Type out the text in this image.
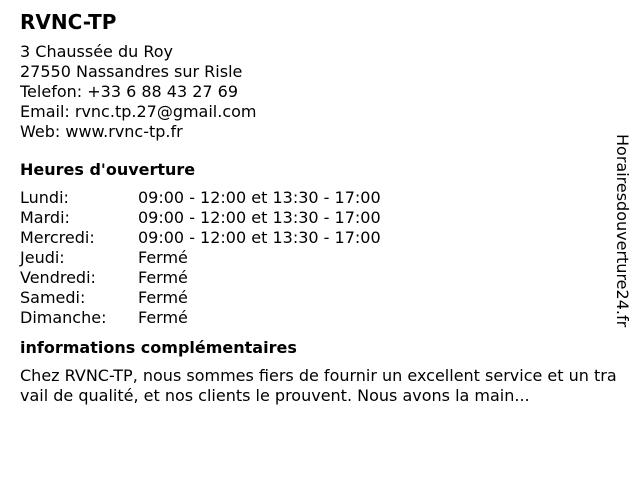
RVNC-TP
3 Chaussée du Roy
27550 Nassandres sur Risle
Telefon: +33 6 88 43 27 69
Email: rvnc.tp.27@gmail.com
Web: www.rvnc-tp.fr
Heures d'ouverture
Lundi:	09:00 - 12:00 et 13:30 - 17:00
Mardi:	09:00 - 12:00 et 13:30 - 17:00
Mercredi:	09:00 - 12:00 et 13:30 - 17:00
Jeudi:	Fermé
Vendredi:	Fermé
Samedi:	Fermé
Dimanche:	Fermé
informations complémentaires
Chez RVNC-TP, nous sommes fiers de fournir un excellent service et un travail de qualité, et nos clients le prouvent. Nous avons la main...
Horairesdouverture24.fr
